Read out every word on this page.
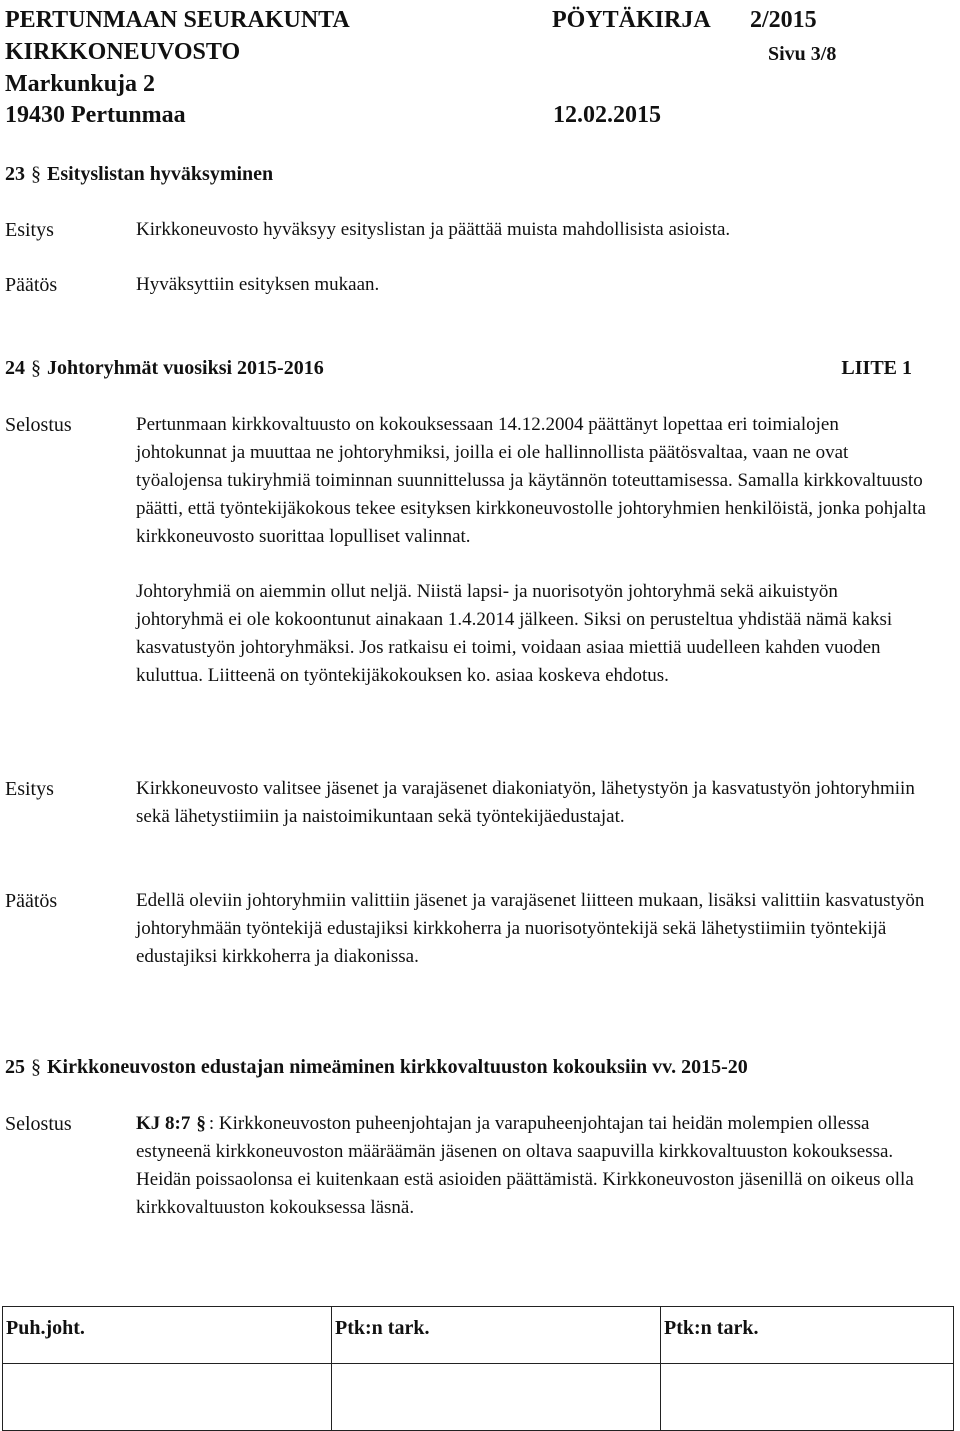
PERTUNMAAN SEURAKUNTA
KIRKKONEUVOSTO
Markunkuja 2
19430 Pertunmaa
PÖYTÄKIRJA 2/2015
Sivu 3/8
12.02.2015
23 § Esityslistan hyväksyminen
Esitys	Kirkkoneuvosto hyväksyy esityslistan ja päättää muista mahdollisista asioista.
Päätös	Hyväksyttiin esityksen mukaan.
24 § Johtoryhmät vuosiksi 2015-2016	LIITE 1
Selostus	Pertunmaan kirkkovaltuusto on kokouksessaan 14.12.2004 päättänyt lopettaa eri toimialojen johtokunnat ja muuttaa ne johtoryhmiksi, joilla ei ole hallinnollista päätösvaltaa, vaan ne ovat työalojensa tukiryhmiä toiminnan suunnittelussa ja käytännön toteuttamisessa. Samalla kirkkovaltuusto päätti, että työntekijäkokous tekee esityksen kirkkoneuvostolle johtoryhmien henkilöistä, jonka pohjalta kirkkoneuvosto suorittaa lopulliset valinnat.

Johtoryhmiä on aiemmin ollut neljä. Niistä lapsi- ja nuorisotyön johtoryhmä sekä aikuistyön johtoryhmä ei ole kokoontunut ainakaan 1.4.2014 jälkeen. Siksi on perusteltua yhdistää nämä kaksi kasvatustyön johtoryhmäksi. Jos ratkaisu ei toimi, voidaan asiaa miettiä uudelleen kahden vuoden kuluttua. Liitteenä on työntekijäkokouksen ko. asiaa koskeva ehdotus.

Esitys	Kirkkoneuvosto valitsee jäsenet ja varajäsenet diakoniatyön, lähetystyön ja kasvatustyön johtoryhmiin sekä lähetystiimiin ja naistoimikuntaan sekä työntekijäedustajat.
Päätös	Edellä oleviin johtoryhmiin valittiin jäsenet ja varajäsenet liitteen mukaan, lisäksi valittiin kasvatustyön johtoryhmään työntekijä edustajiksi kirkkoherra ja nuorisotyöntekijä sekä lähetystiimiin työntekijä edustajiksi kirkkoherra ja diakonissa.
25 § Kirkkoneuvoston edustajan nimeäminen kirkkovaltuuston kokouksiin vv. 2015-20
Selostus	KJ 8:7 § : Kirkkoneuvoston puheenjohtajan ja varapuheenjohtajan tai heidän molempien ollessa estyneenä kirkkoneuvoston määräämän jäsenen on oltava saapuvilla kirkkovaltuuston kokouksessa. Heidän poissaolonsa ei kuitenkaan estä asioiden päättämistä. Kirkkoneuvoston jäsenillä on oikeus olla kirkkovaltuuston kokouksessa läsnä.
Puh.joht.	Ptk:n tark.	Ptk:n tark.
